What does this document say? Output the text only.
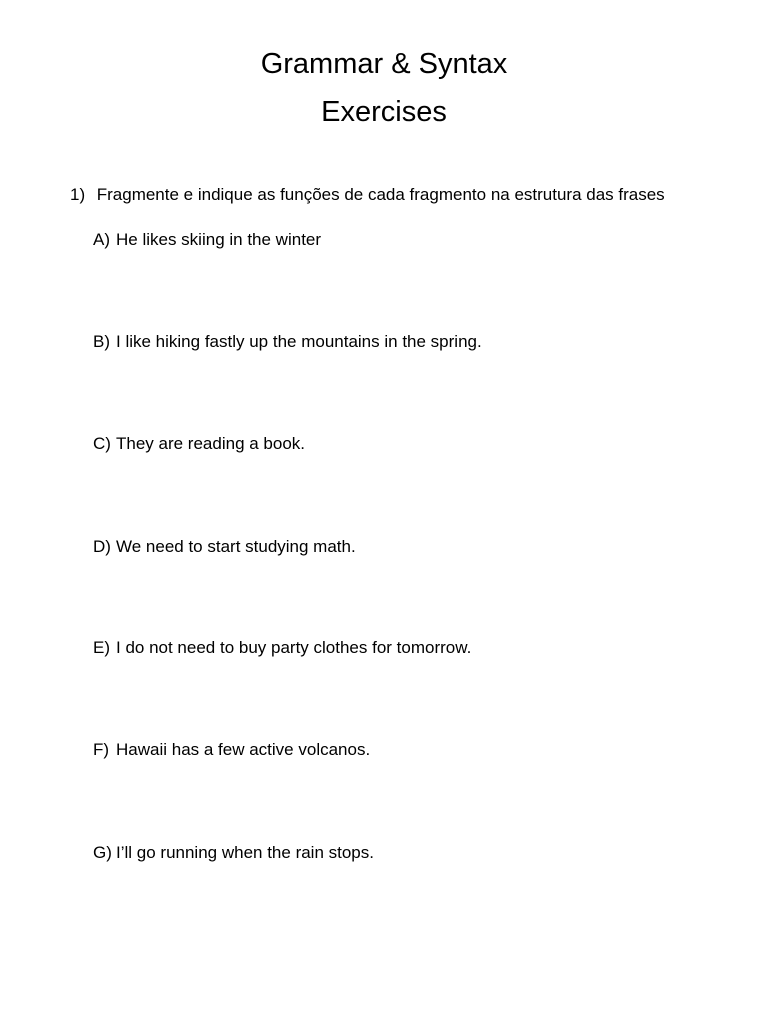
Grammar & Syntax
Exercises
1) Fragmente e indique as funções de cada fragmento na estrutura das frases
A) He likes skiing in the winter
B) I like hiking fastly up the mountains in the spring.
C) They are reading a book.
D) We need to start studying math.
E) I do not need to buy party clothes for tomorrow.
F) Hawaii has a few active volcanos.
G) I’ll go running when the rain stops.
